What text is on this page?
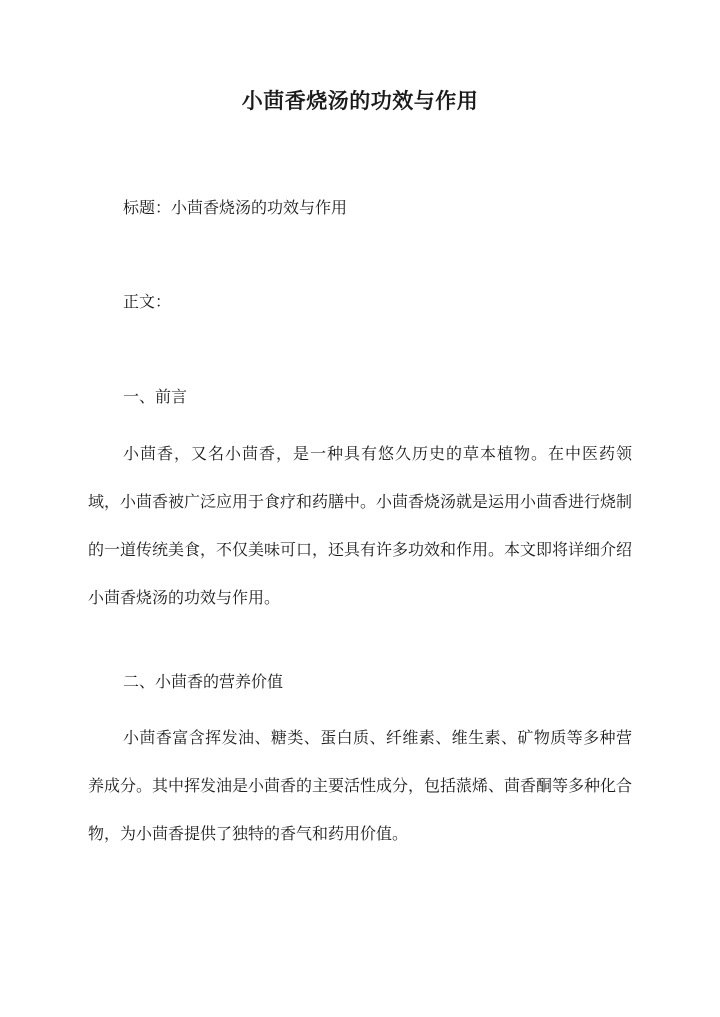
小茴香烧汤的功效与作用
标题：小茴香烧汤的功效与作用
正文：
一、前言

小茴香，又名小茴香，是一种具有悠久历史的草本植物。在中医药领域，小茴香被广泛应用于食疗和药膳中。小茴香烧汤就是运用小茴香进行烧制的一道传统美食，不仅美味可口，还具有许多功效和作用。本文即将详细介绍小茴香烧汤的功效与作用。

二、小茴香的营养价值

小茴香富含挥发油、糖类、蛋白质、纤维素、维生素、矿物质等多种营养成分。其中挥发油是小茴香的主要活性成分，包括蒎烯、茴香酮等多种化合物，为小茴香提供了独特的香气和药用价值。
